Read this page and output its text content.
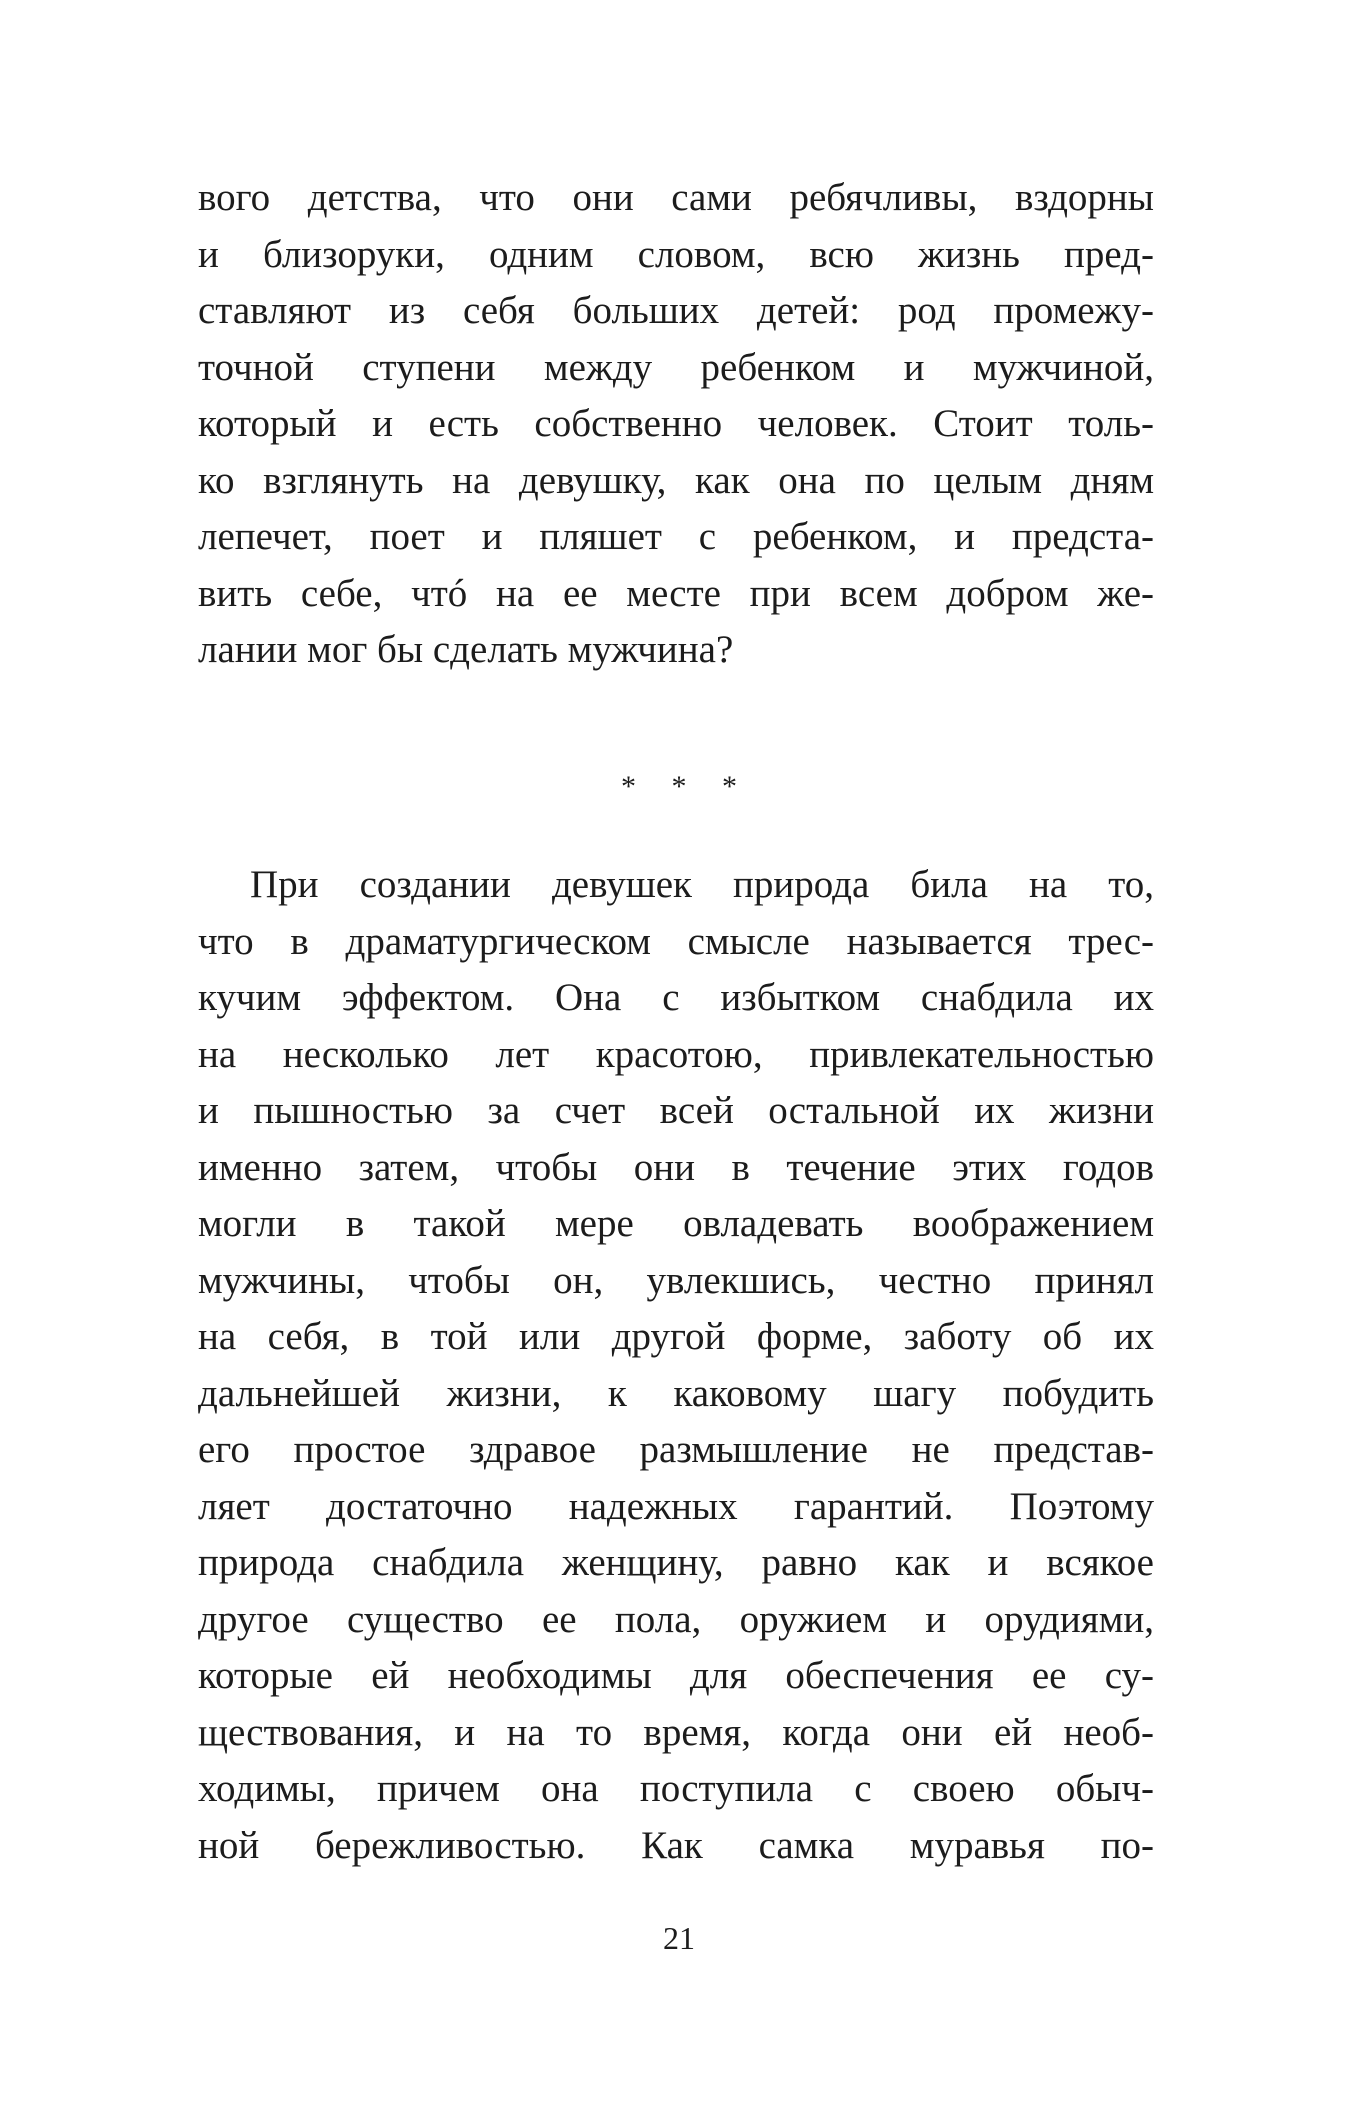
вого детства, что они сами ребячливы, вздорны
и близоруки, одним словом, всю жизнь пред-
ставляют из себя больших детей: род промежу-
точной ступени между ребенком и мужчиной,
который и есть собственно человек. Стоит толь-
ко взглянуть на девушку, как она по целым дням
лепечет, поет и пляшет с ребенком, и предста-
вить себе, чтó на ее месте при всем добром же-
лании мог бы сделать мужчина?
* * *
При создании девушек природа била на то,
что в драматургическом смысле называется трес-
кучим эффектом. Она с избытком снабдила их
на несколько лет красотою, привлекательностью
и пышностью за счет всей остальной их жизни
именно затем, чтобы они в течение этих годов
могли в такой мере овладевать воображением
мужчины, чтобы он, увлекшись, честно принял
на себя, в той или другой форме, заботу об их
дальнейшей жизни, к каковому шагу побудить
его простое здравое размышление не представ-
ляет достаточно надежных гарантий. Поэтому
природа снабдила женщину, равно как и всякое
другое существо ее пола, оружием и орудиями,
которые ей необходимы для обеспечения ее су-
ществования, и на то время, когда они ей необ-
ходимы, причем она поступила с своею обыч-
ной бережливостью. Как самка муравья по-
21
